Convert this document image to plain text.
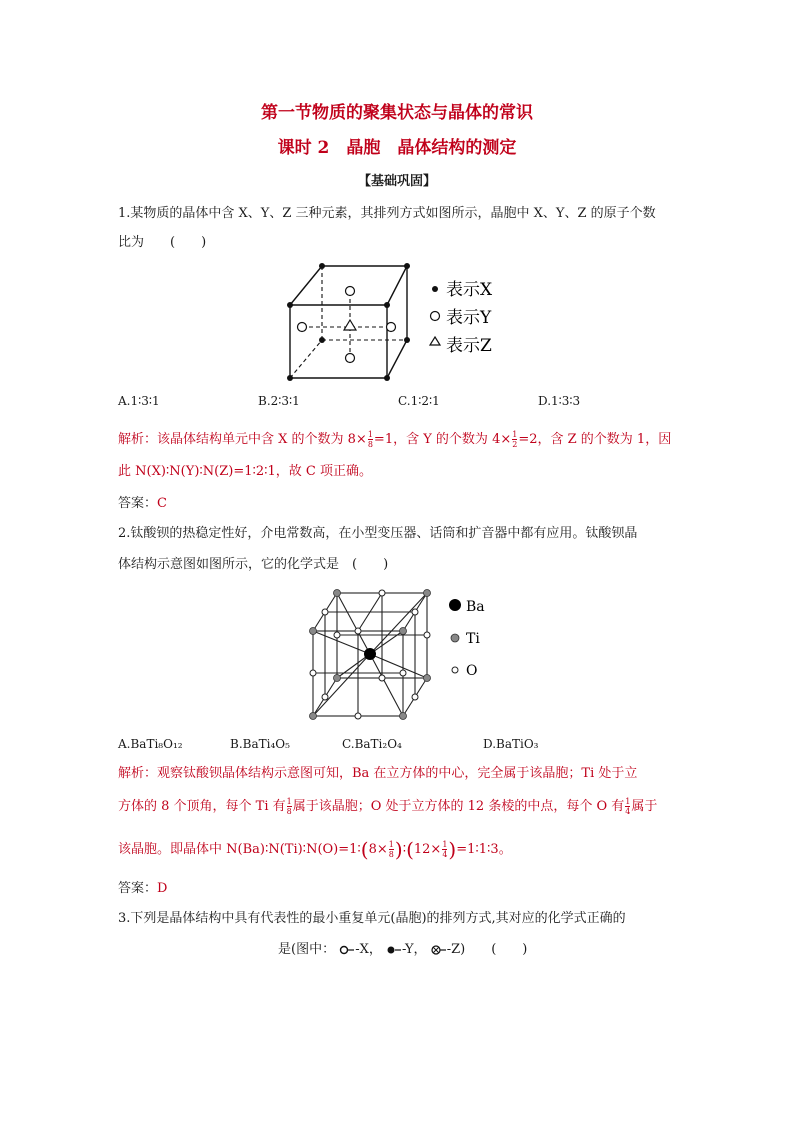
第一节物质的聚集状态与晶体的常识
课时 2　晶胞　晶体结构的测定
【基础巩固】
1.某物质的晶体中含 X、Y、Z 三种元素，其排列方式如图所示，晶胞中 X、Y、Z 的原子个数
比为　　(　　)
表示X
表示Y
表示Z
A.1∶3∶1	B.2∶3∶1	C.1∶2∶1	D.1∶3∶3
解析：该晶体结构单元中含 X 的个数为 $8\times \frac{1}{8} =1$，含 Y 的个数为 $4\times \frac{1}{2} =2$，含 Z 的个数为 1，因
此 N(X)∶N(Y)∶N(Z)=1∶2∶1，故 C 项正确。
答案：C
2.钛酸钡的热稳定性好，介电常数高，在小型变压器、话筒和扩音器中都有应用。钛酸钡晶
体结构示意图如图所示，它的化学式是　(　　)
Ba
Ti
O
A.BaTi₈O₁₂	B.BaTi₄O₅	C.BaTi₂O₄	D.BaTiO₃
解析：观察钛酸钡晶体结构示意图可知，Ba 在立方体的中心，完全属于该晶胞；Ti 处于立
方体的 8 个顶角，每个 Ti 有 $\frac{1}{8}$ 属于该晶胞；O 处于立方体的 12 条棱的中点，每个 O 有 $\frac{1}{4}$ 属于
该晶胞。即晶体中 N(Ba)∶N(Ti)∶N(O)=1∶(8× $\frac{1}{8}$ )∶(12× $\frac{1}{4}$ )=1∶1∶3。
答案：D
3.下列是晶体结构中具有代表性的最小重复单元(晶胞)的排列方式,其对应的化学式正确的
是(图中： -X， -Y， -Z)　　(　　)
